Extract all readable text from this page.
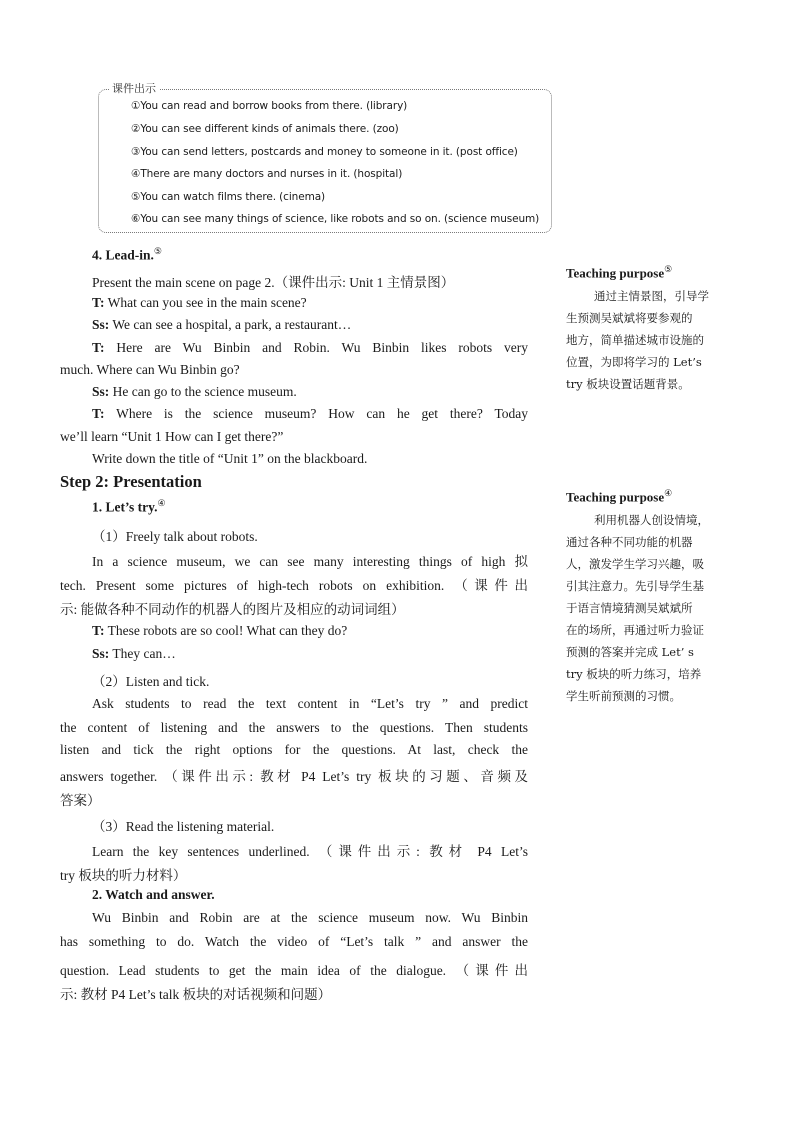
课件出示
①You can read and borrow books from there. (library)
②You can see different kinds of animals there. (zoo)
③You can send letters, postcards and money to someone in it. (post office)
④There are many doctors and nurses in it. (hospital)
⑤You can watch films there. (cinema)
⑥You can see many things of science, like robots and so on. (science museum)
4. Lead-in.⑤
Present the main scene on page 2.（课件出示: Unit 1 主情景图）
T: What can you see in the main scene?
Ss: We can see a hospital, a park, a restaurant…
T: Here are Wu Binbin and Robin. Wu Binbin likes robots very
much. Where can Wu Binbin go?
Ss: He can go to the science museum.
T: Where is the science museum? How can he get there? Today
we’ll learn “Unit 1 How can I get there?”
Write down the title of “Unit 1” on the blackboard.
Step 2: Presentation
1. Let’s try.④
（1）Freely talk about robots.
In a science museum, we can see many interesting things of high 拟
tech. Present some pictures of high-tech robots on exhibition. （课件出
示: 能做各种不同动作的机器人的图片及相应的动词词组）
T: These robots are so cool! What can they do?
Ss: They can…
（2）Listen and tick.
Ask students to read the text content in “Let’s try ” and predict
the content of listening and the answers to the questions. Then students
listen and tick the right options for the questions. At last, check the
answers together. （课件出示: 教材 P4 Let’s try 板块的习题、音频及
答案）
（3）Read the listening material.
Learn the key sentences underlined. （课件出示: 教材 P4 Let’s
try 板块的听力材料）
2. Watch and answer.
Wu Binbin and Robin are at the science museum now. Wu Binbin
has something to do. Watch the video of “Let’s talk ” and answer the
question. Lead students to get the main idea of the dialogue. （课件出
示: 教材 P4 Let’s talk 板块的对话视频和问题）
Teaching purpose⑤
通过主情景图，引导学
生预测吴斌斌将要参观的
地方，简单描述城市设施的
位置，为即将学习的 Let’s
try 板块设置话题背景。
Teaching purpose④
利用机器人创设情境，
通过各种不同功能的机器
人，激发学生学习兴趣，吸
引其注意力。先引导学生基
于语言情境猜测吴斌斌所
在的场所，再通过听力验证
预测的答案并完成 Let’ s
try 板块的听力练习，培养
学生听前预测的习惯。
